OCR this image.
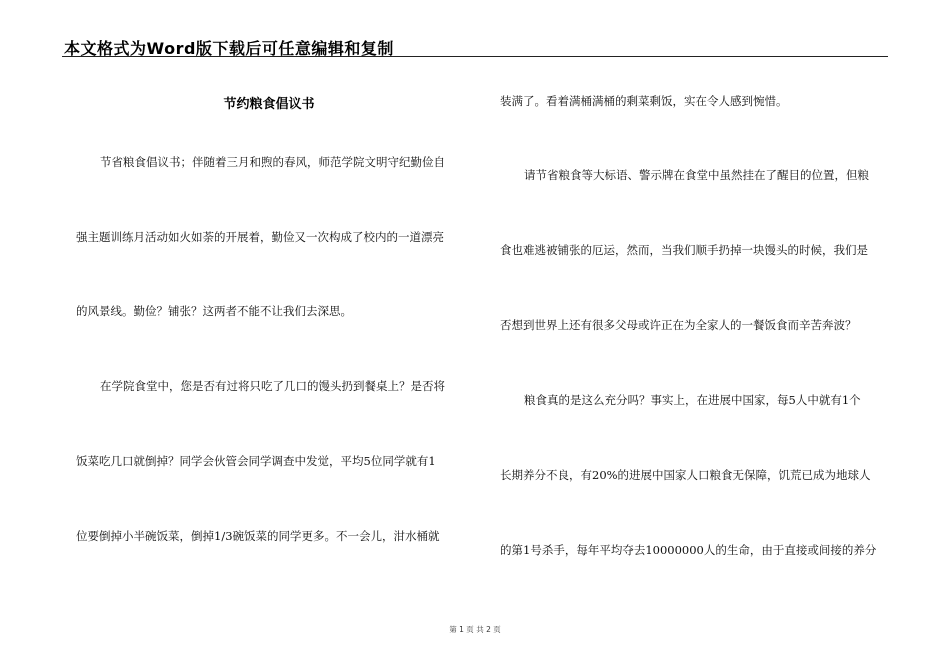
本文格式为Word版下载后可任意编辑和复制
节约粮食倡议书
节省粮食倡议书；伴随着三月和煦的春风，师范学院文明守纪勤俭自
强主题训练月活动如火如荼的开展着，勤俭又一次构成了校内的一道漂亮
的风景线。勤俭？铺张？这两者不能不让我们去深思。
在学院食堂中，您是否有过将只吃了几口的馒头扔到餐桌上？是否将
饭菜吃几口就倒掉？同学会伙管会同学调查中发觉，平均5位同学就有1
位要倒掉小半碗饭菜，倒掉1/3碗饭菜的同学更多。不一会儿，泔水桶就
装满了。看着满桶满桶的剩菜剩饭，实在令人感到惋惜。
请节省粮食等大标语、警示牌在食堂中虽然挂在了醒目的位置，但粮
食也难逃被铺张的厄运，然而，当我们顺手扔掉一块馒头的时候，我们是
否想到世界上还有很多父母或许正在为全家人的一餐饭食而辛苦奔波？
粮食真的是这么充分吗？事实上，在进展中国家，每5人中就有1个
长期养分不良，有20%的进展中国家人口粮食无保障，饥荒已成为地球人
的第1号杀手，每年平均夺去10000000人的生命，由于直接或间接的养分
第 1 页 共 2 页
